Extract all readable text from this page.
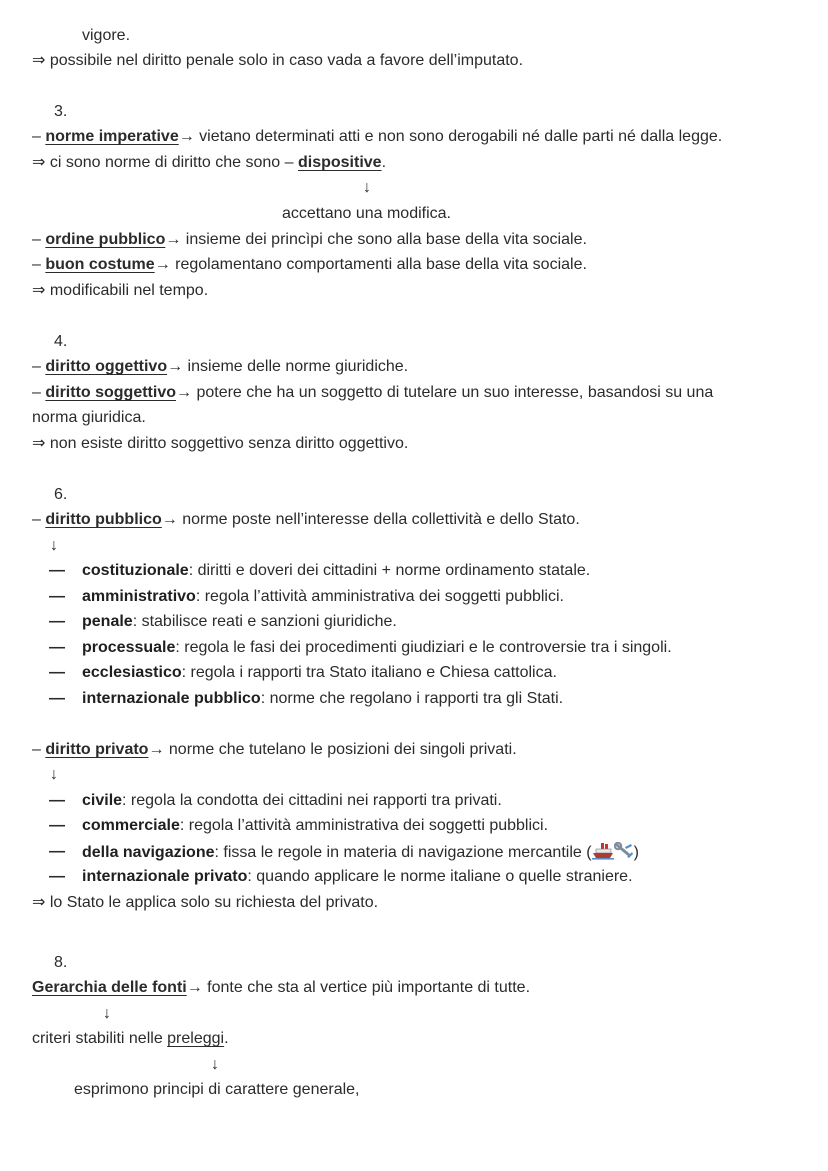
vigore.
⇒ possibile nel diritto penale solo in caso vada a favore dell’imputato.
3.
– norme imperative→ vietano determinati atti e non sono derogabili né dalle parti né dalla legge.
⇒ ci sono norme di diritto che sono – dispositive.
↓
accettano una modifica.
– ordine pubblico→ insieme dei princìpi che sono alla base della vita sociale.
– buon costume→ regolamentano comportamenti alla base della vita sociale.
⇒ modificabili nel tempo.
4.
– diritto oggettivo→ insieme delle norme giuridiche.
– diritto soggettivo→ potere che ha un soggetto di tutelare un suo interesse, basandosi su una
norma giuridica.
⇒ non esiste diritto soggettivo senza diritto oggettivo.
6.
– diritto pubblico→ norme poste nell’interesse della collettività e dello Stato.
↓
— costituzionale: diritti e doveri dei cittadini + norme ordinamento statale.
— amministrativo: regola l’attività amministrativa dei soggetti pubblici.
— penale: stabilisce reati e sanzioni giuridiche.
— processuale: regola le fasi dei procedimenti giudiziari e le controversie tra i singoli.
— ecclesiastico: regola i rapporti tra Stato italiano e Chiesa cattolica.
— internazionale pubblico: norme che regolano i rapporti tra gli Stati.
– diritto privato→ norme che tutelano le posizioni dei singoli privati.
↓
— civile: regola la condotta dei cittadini nei rapporti tra privati.
— commerciale: regola l’attività amministrativa dei soggetti pubblici.
— della navigazione: fissa le regole in materia di navigazione mercantile (	)
— internazionale privato: quando applicare le norme italiane o quelle straniere.
⇒ lo Stato le applica solo su richiesta del privato.
8.
Gerarchia delle fonti→ fonte che sta al vertice più importante di tutte.
↓
criteri stabiliti nelle preleggi.
↓
esprimono principi di carattere generale,
